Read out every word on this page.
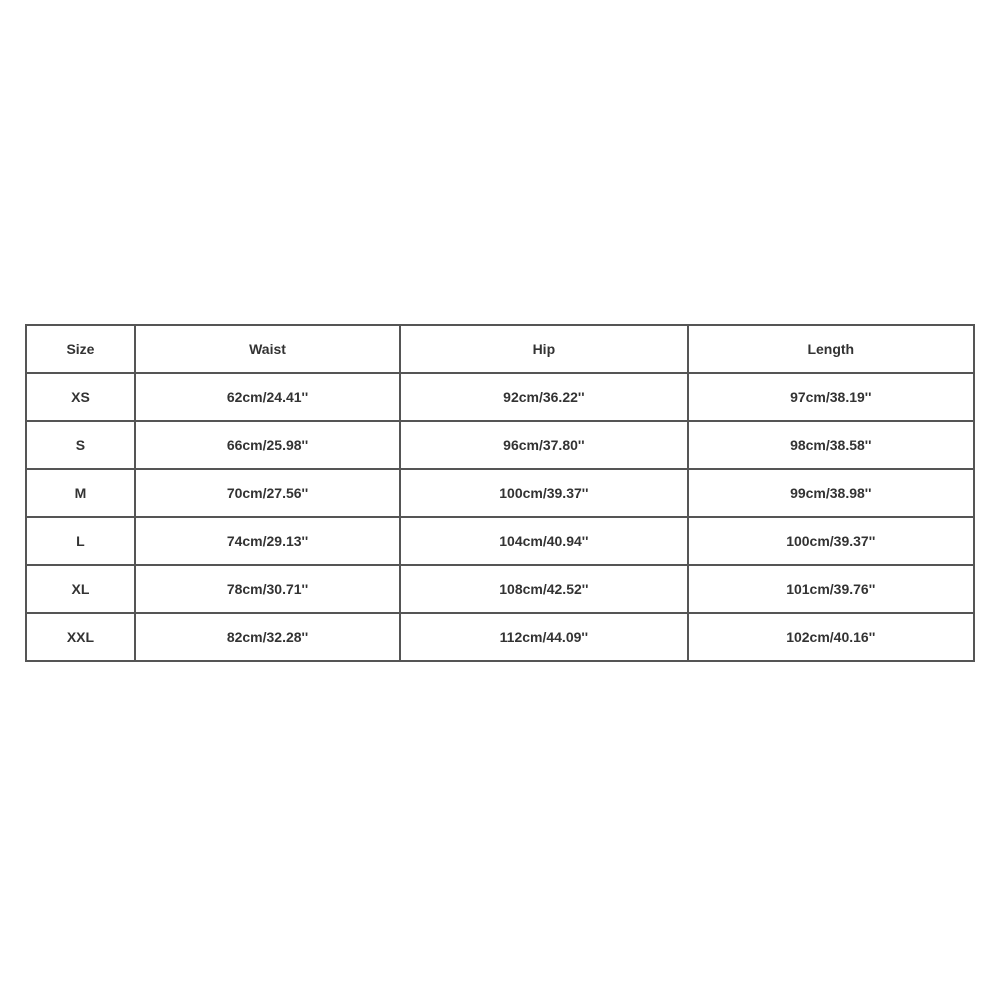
Size	Waist	Hip	Length
XS	62cm/24.41''	92cm/36.22''	97cm/38.19''
S	66cm/25.98''	96cm/37.80''	98cm/38.58''
M	70cm/27.56''	100cm/39.37''	99cm/38.98''
L	74cm/29.13''	104cm/40.94''	100cm/39.37''
XL	78cm/30.71''	108cm/42.52''	101cm/39.76''
XXL	82cm/32.28''	112cm/44.09''	102cm/40.16''
